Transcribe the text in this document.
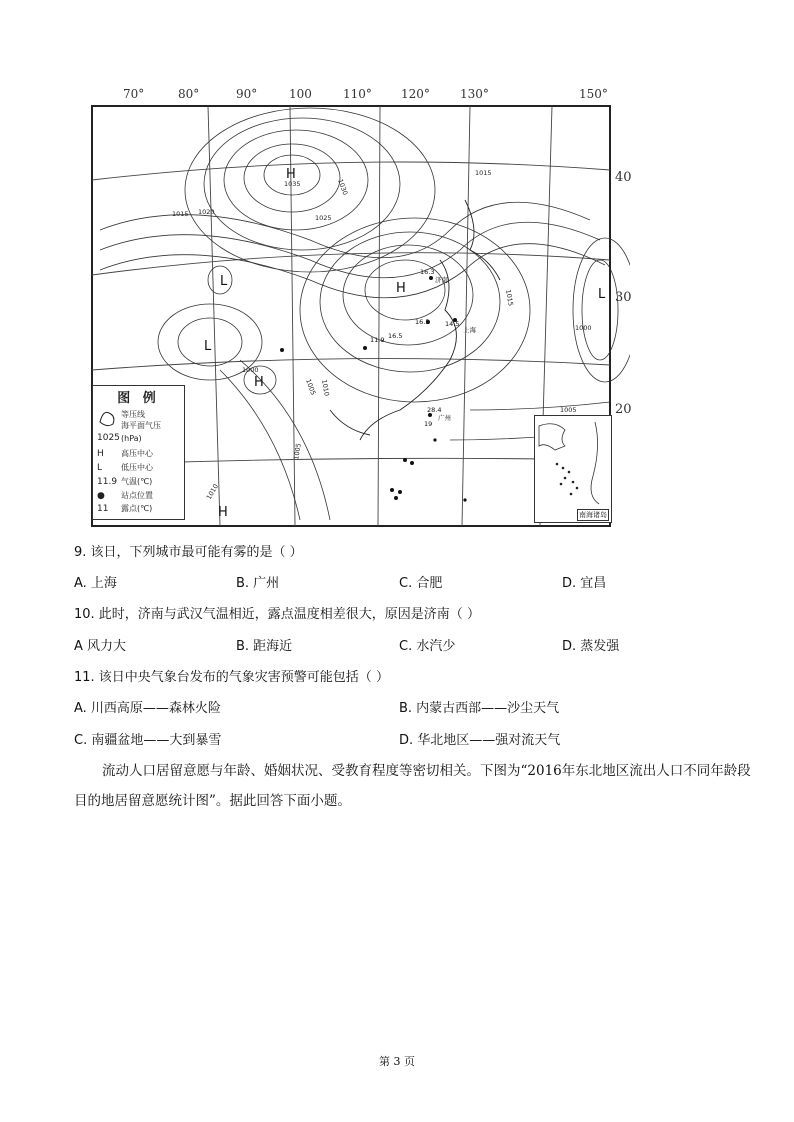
H
H
L
L
H
H
L
1035	1030
1025
1020
1015
1015
1015
1010
1005
1005
1000
1000
1005
1010
16.3
16.5 14.5
11.9 16.5
28.4
19
济南
上海
广州
70°	80°	90°	100	110° 120°	130°	150°
40
30
20
图 例
等压线
海平面气压
1025 (hPa)
H	高压中心
L	低压中心
11.9 气温(℃)
●	站点位置
11	露点(℃)
南海诸岛
9. 该日，下列城市最可能有雾的是（ ）
A. 上海	B. 广州	C. 合肥	D. 宜昌
10. 此时，济南与武汉气温相近，露点温度相差很大，原因是济南（ ）
A 风力大	B. 距海近	C. 水汽少	D. 蒸发强
11. 该日中央气象台发布的气象灾害预警可能包括（ ）
A. 川西高原——森林火险	B. 内蒙古西部——沙尘天气
C. 南疆盆地——大到暴雪	D. 华北地区——强对流天气
流动人口居留意愿与年龄、婚姻状况、受教育程度等密切相关。下图为“2016年东北地区流出人口不同年龄段目的地居留意愿统计图”。据此回答下面小题。
第 3 页
